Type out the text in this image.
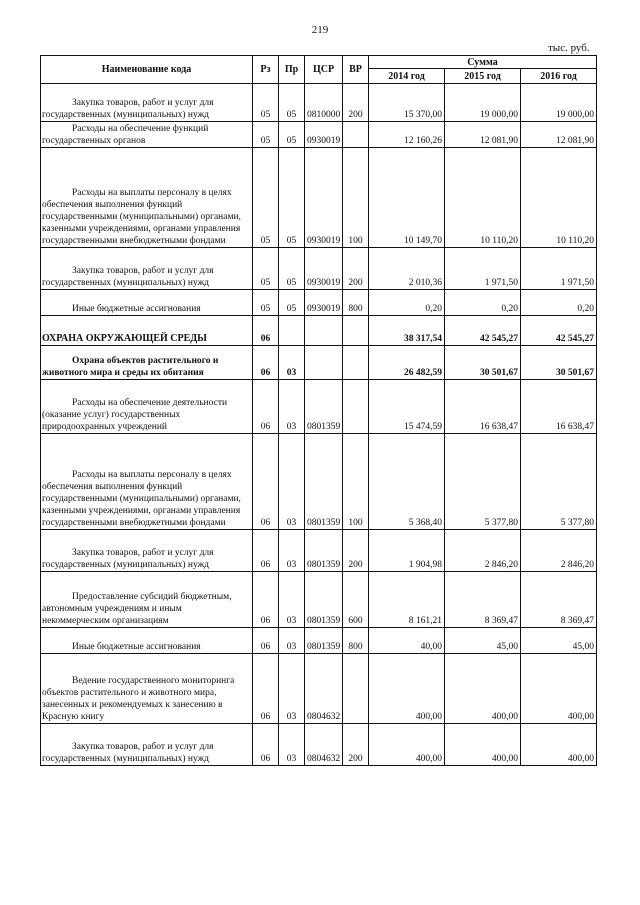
219
тыс. руб.
Наименование кода	Рз	Пр	ЦСР	ВР	Сумма		
					2014 год	2015 год	2016 год

Закупка товаров, работ и услуг для государственных (муниципальных) нужд	05	05	0810000	200	15 370,00	19 000,00	19 000,00

Расходы на обеспечение функций государственных органов	05	05	0930019		12 160,26	12 081,90	12 081,90

Расходы на выплаты персоналу в целях обеспечения выполнения функций государственными (муниципальными) органами, казенными учреждениями, органами управления государственными внебюджетными фондами	05	05	0930019	100	10 149,70	10 110,20	10 110,20

Закупка товаров, работ и услуг для государственных (муниципальных) нужд	05	05	0930019	200	2 010,36	1 971,50	1 971,50

Иные бюджетные ассигнования	05	05	0930019	800	0,20	0,20	0,20

ОХРАНА ОКРУЖАЮЩЕЙ СРЕДЫ	06				38 317,54	42 545,27	42 545,27

Охрана объектов растительного и животного мира и среды их обитания	06	03			26 482,59	30 501,67	30 501,67

Расходы на обеспечение деятельности (оказание услуг) государственных природоохранных учреждений	06	03	0801359		15 474,59	16 638,47	16 638,47

Расходы на выплаты персоналу в целях обеспечения выполнения функций государственными (муниципальными) органами, казенными учреждениями, органами управления государственными внебюджетными фондами	06	03	0801359	100	5 368,40	5 377,80	5 377,80

Закупка товаров, работ и услуг для государственных (муниципальных) нужд	06	03	0801359	200	1 904,98	2 846,20	2 846,20

Предоставление субсидий бюджетным, автономным учреждениям и иным некоммерческим организациям	06	03	0801359	600	8 161,21	8 369,47	8 369,47

Иные бюджетные ассигнования	06	03	0801359	800	40,00	45,00	45,00

Ведение государственного мониторинга объектов растительного и животного мира, занесенных и рекомендуемых к занесению в Красную книгу	06	03	0804632		400,00	400,00	400,00

Закупка товаров, работ и услуг для государственных (муниципальных) нужд	06	03	0804632	200	400,00	400,00	400,00
